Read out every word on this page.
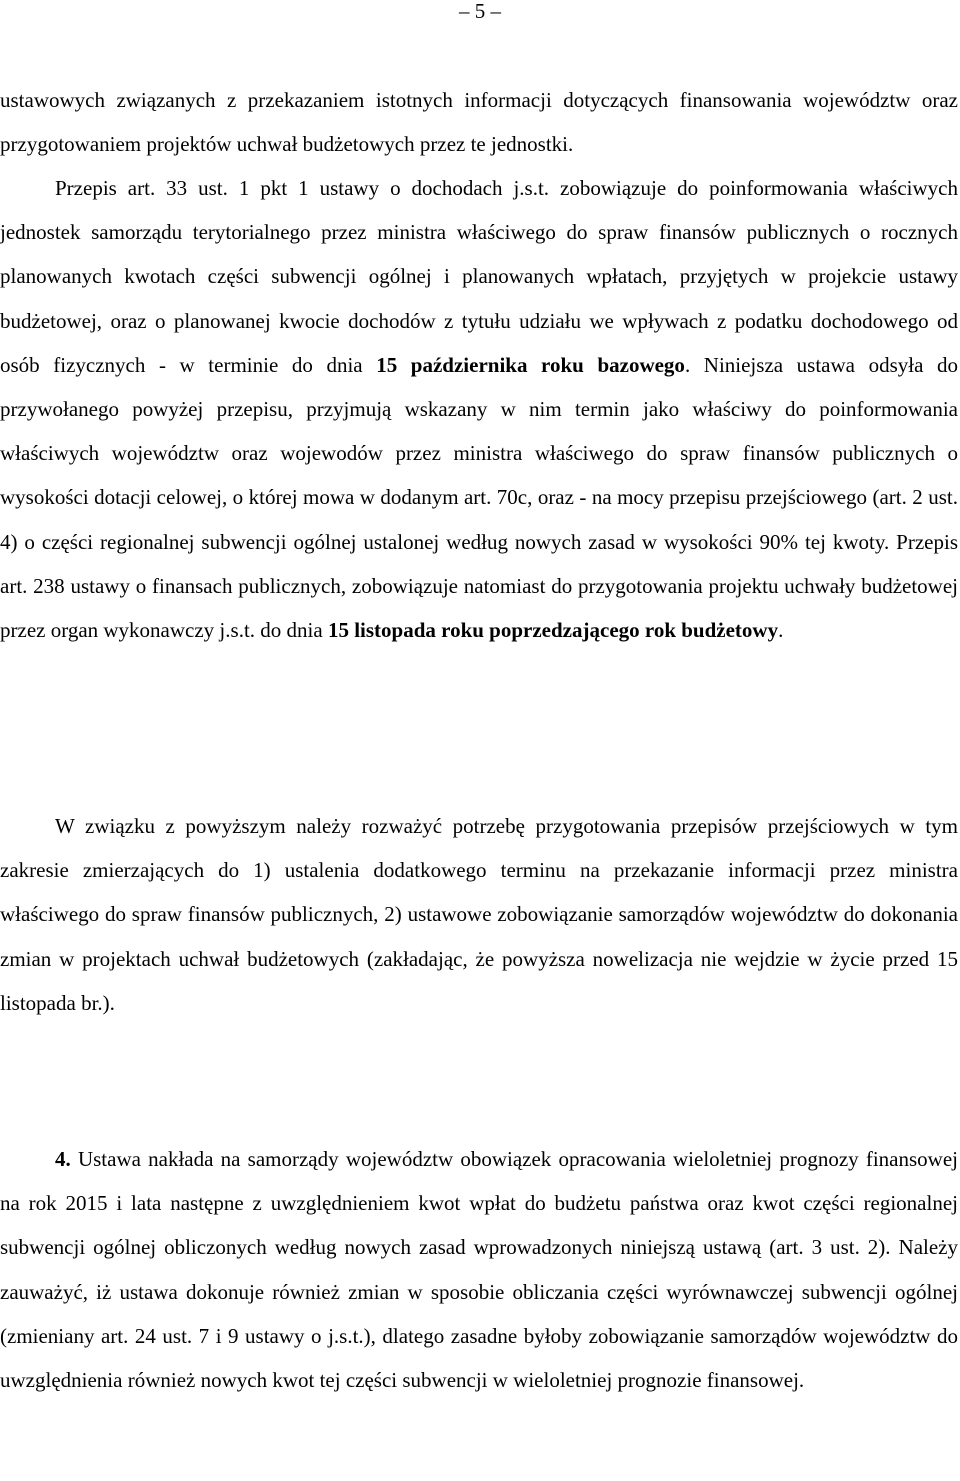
– 5 –

ustawowych związanych z przekazaniem istotnych informacji dotyczących finansowania województw oraz przygotowaniem projektów uchwał budżetowych przez te jednostki.

Przepis art. 33 ust. 1 pkt 1 ustawy o dochodach j.s.t. zobowiązuje do poinformowania właściwych jednostek samorządu terytorialnego przez ministra właściwego do spraw finansów publicznych o rocznych planowanych kwotach części subwencji ogólnej i planowanych wpłatach, przyjętych w projekcie ustawy budżetowej, oraz o planowanej kwocie dochodów z tytułu udziału we wpływach z podatku dochodowego od osób fizycznych - w terminie do dnia 15 października roku bazowego. Niniejsza ustawa odsyła do przywołanego powyżej przepisu, przyjmują wskazany w nim termin jako właściwy do poinformowania właściwych województw oraz wojewodów przez ministra właściwego do spraw finansów publicznych o wysokości dotacji celowej, o której mowa w dodanym art. 70c, oraz - na mocy przepisu przejściowego (art. 2 ust. 4) o części regionalnej subwencji ogólnej ustalonej według nowych zasad w wysokości 90% tej kwoty. Przepis art. 238 ustawy o finansach publicznych, zobowiązuje natomiast do przygotowania projektu uchwały budżetowej przez organ wykonawczy j.s.t. do dnia 15 listopada roku poprzedzającego rok budżetowy.

W związku z powyższym należy rozważyć potrzebę przygotowania przepisów przejściowych w tym zakresie zmierzających do 1) ustalenia dodatkowego terminu na przekazanie informacji przez ministra właściwego do spraw finansów publicznych, 2) ustawowe zobowiązanie samorządów województw do dokonania zmian w projektach uchwał budżetowych (zakładając, że powyższa nowelizacja nie wejdzie w życie przed 15 listopada br.).

4. Ustawa nakłada na samorządy województw obowiązek opracowania wieloletniej prognozy finansowej na rok 2015 i lata następne z uwzględnieniem kwot wpłat do budżetu państwa oraz kwot części regionalnej subwencji ogólnej obliczonych według nowych zasad wprowadzonych niniejszą ustawą (art. 3 ust. 2). Należy zauważyć, iż ustawa dokonuje również zmian w sposobie obliczania części wyrównawczej subwencji ogólnej (zmieniany art. 24 ust. 7 i 9 ustawy o j.s.t.), dlatego zasadne byłoby zobowiązanie samorządów województw do uwzględnienia również nowych kwot tej części subwencji w wieloletniej prognozie finansowej.
